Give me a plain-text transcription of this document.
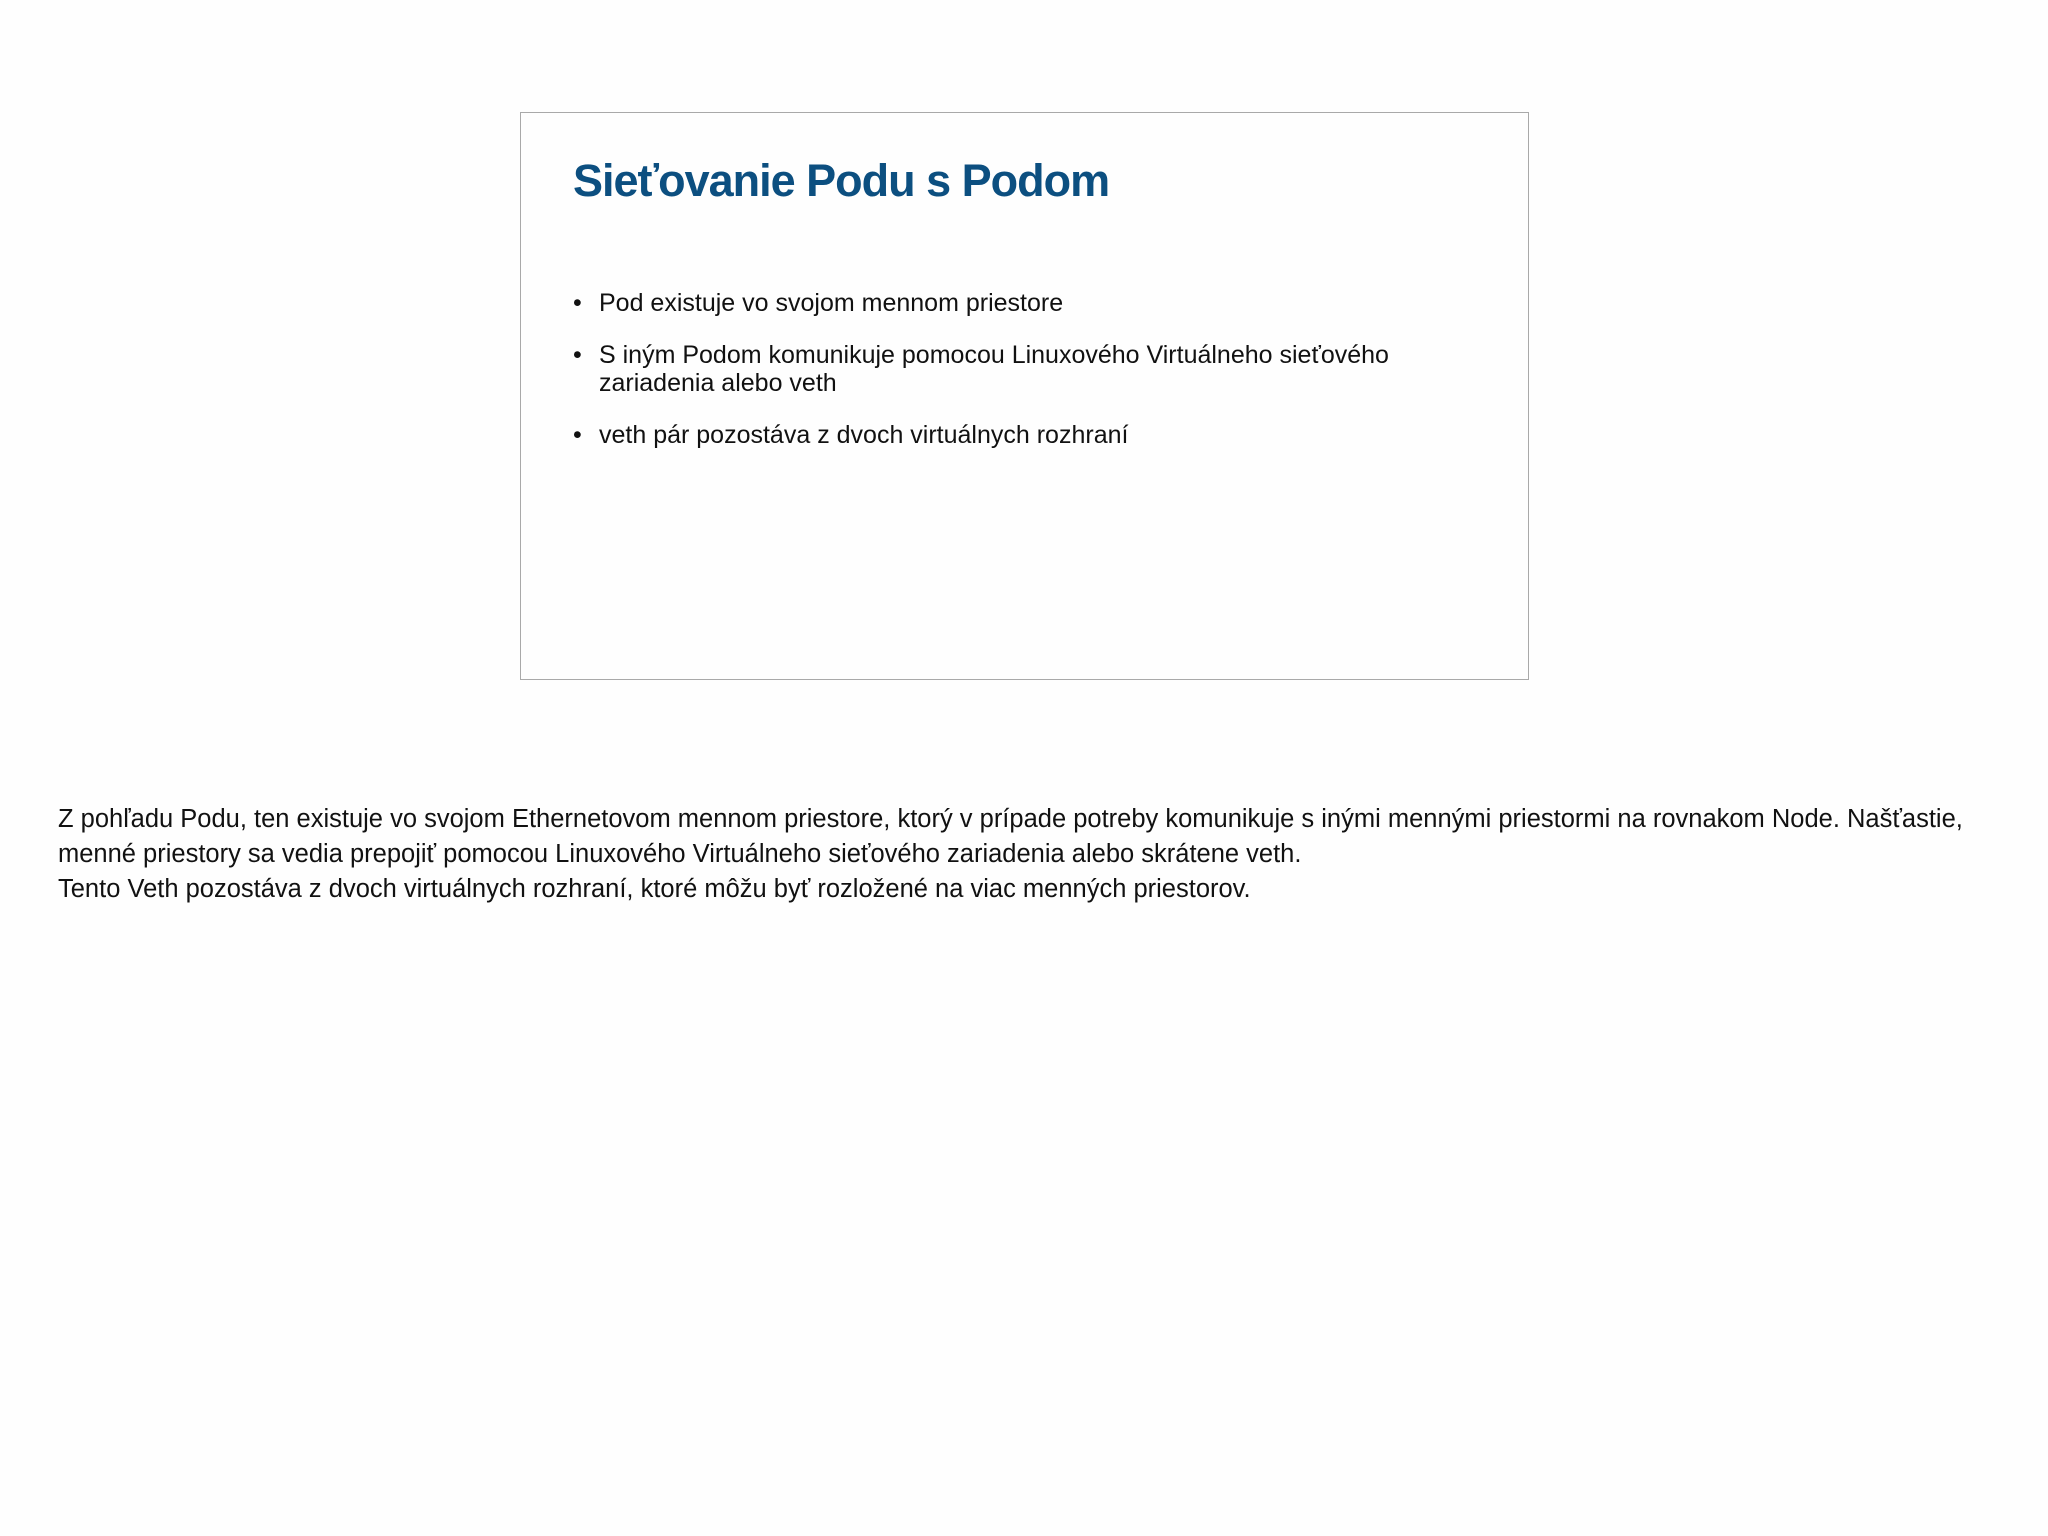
Sieťovanie Podu s Podom
• Pod existuje vo svojom mennom priestore
• S iným Podom komunikuje pomocou Linuxového Virtuálneho sieťového zariadenia alebo veth
• veth pár pozostáva z dvoch virtuálnych rozhraní

Z pohľadu Podu, ten existuje vo svojom Ethernetovom mennom priestore, ktorý v prípade potreby komunikuje s inými mennými priestormi na rovnakom Node. Našťastie, menné priestory sa vedia prepojiť pomocou Linuxového Virtuálneho sieťového zariadenia alebo skrátene veth.

Tento Veth pozostáva z dvoch virtuálnych rozhraní, ktoré môžu byť rozložené na viac menných priestorov.
